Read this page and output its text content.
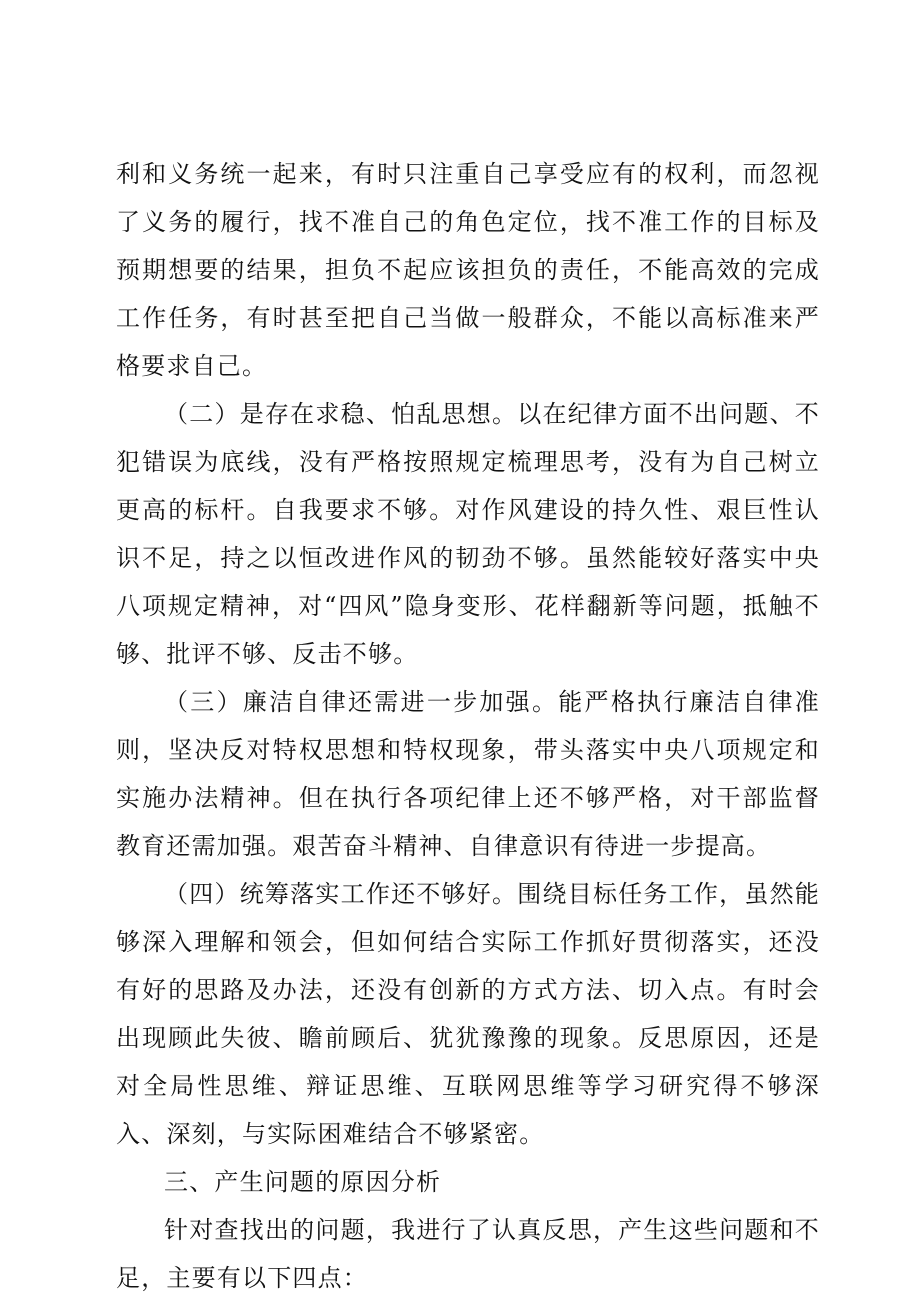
利和义务统一起来，有时只注重自己享受应有的权利，而忽视了义务的履行，找不准自己的角色定位，找不准工作的目标及预期想要的结果，担负不起应该担负的责任，不能高效的完成工作任务，有时甚至把自己当做一般群众，不能以高标准来严格要求自己。

（二）是存在求稳、怕乱思想。以在纪律方面不出问题、不犯错误为底线，没有严格按照规定梳理思考，没有为自己树立更高的标杆。自我要求不够。对作风建设的持久性、艰巨性认识不足，持之以恒改进作风的韧劲不够。虽然能较好落实中央八项规定精神，对“四风”隐身变形、花样翻新等问题，抵触不够、批评不够、反击不够。

（三）廉洁自律还需进一步加强。能严格执行廉洁自律准则，坚决反对特权思想和特权现象，带头落实中央八项规定和实施办法精神。但在执行各项纪律上还不够严格，对干部监督教育还需加强。艰苦奋斗精神、自律意识有待进一步提高。

（四）统筹落实工作还不够好。围绕目标任务工作，虽然能够深入理解和领会，但如何结合实际工作抓好贯彻落实，还没有好的思路及办法，还没有创新的方式方法、切入点。有时会出现顾此失彼、瞻前顾后、犹犹豫豫的现象。反思原因，还是对全局性思维、辩证思维、互联网思维等学习研究得不够深入、深刻，与实际困难结合不够紧密。

三、产生问题的原因分析

针对查找出的问题，我进行了认真反思，产生这些问题和不足，主要有以下四点：
